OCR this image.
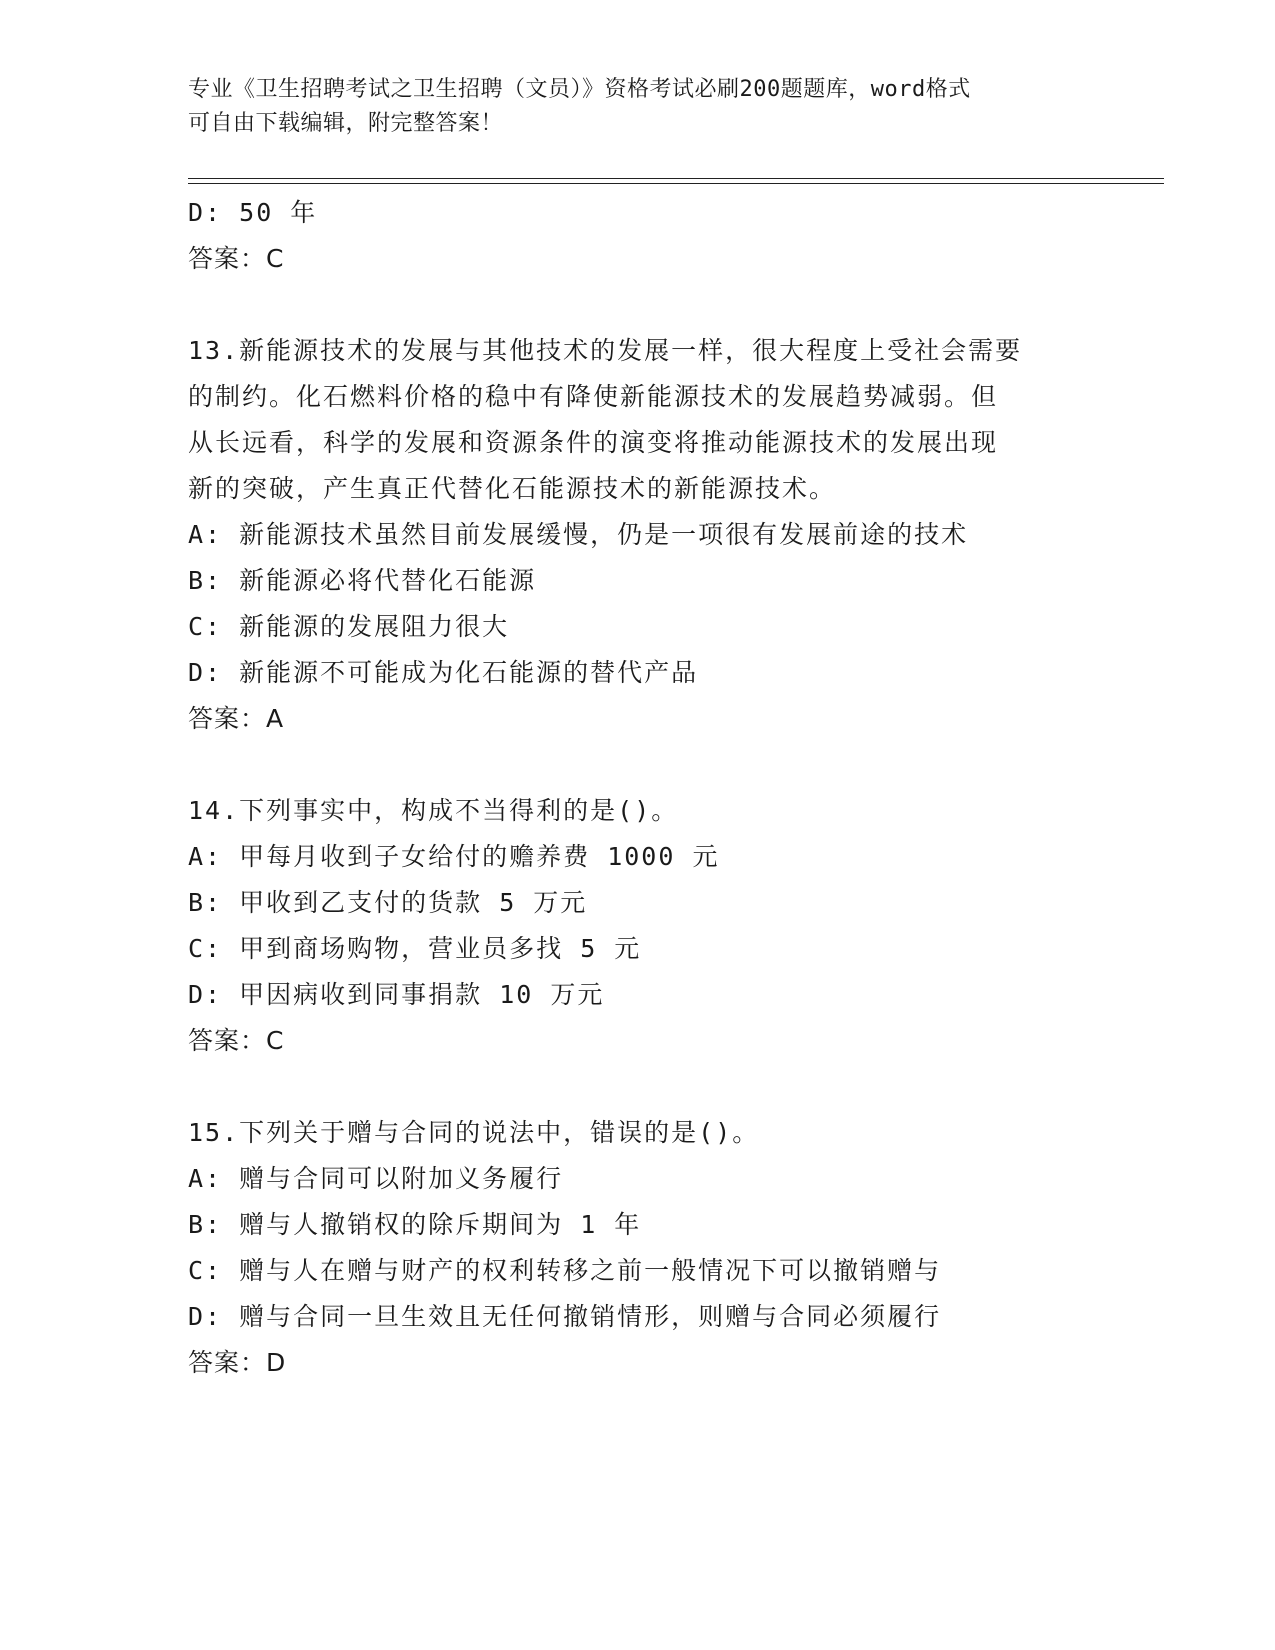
专业《卫生招聘考试之卫生招聘（文员）》资格考试必刷200题题库，word格式
可自由下载编辑，附完整答案！
D: 50 年
答案：C
13.新能源技术的发展与其他技术的发展一样，很大程度上受社会需要
的制约。化石燃料价格的稳中有降使新能源技术的发展趋势减弱。但
从长远看，科学的发展和资源条件的演变将推动能源技术的发展出现
新的突破，产生真正代替化石能源技术的新能源技术。
A: 新能源技术虽然目前发展缓慢，仍是一项很有发展前途的技术
B: 新能源必将代替化石能源
C: 新能源的发展阻力很大
D: 新能源不可能成为化石能源的替代产品
答案：A
14.下列事实中，构成不当得利的是()。
A: 甲每月收到子女给付的赡养费 1000 元
B: 甲收到乙支付的货款 5 万元
C: 甲到商场购物，营业员多找 5 元
D: 甲因病收到同事捐款 10 万元
答案：C
15.下列关于赠与合同的说法中，错误的是()。
A: 赠与合同可以附加义务履行
B: 赠与人撤销权的除斥期间为 1 年
C: 赠与人在赠与财产的权利转移之前一般情况下可以撤销赠与
D: 赠与合同一旦生效且无任何撤销情形，则赠与合同必须履行
答案：D
